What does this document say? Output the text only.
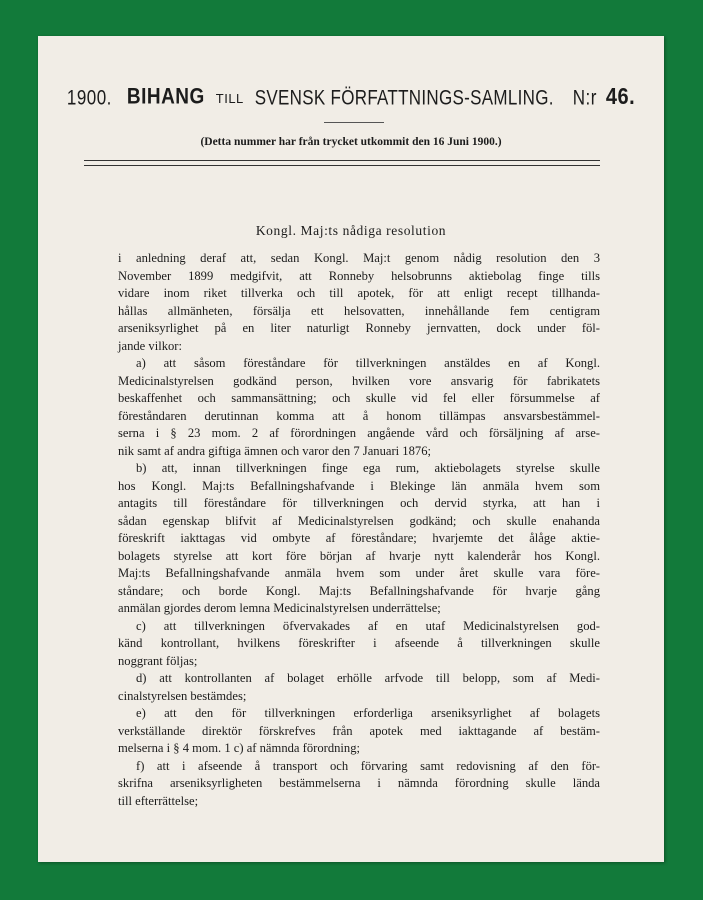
1900. BIHANG TILL SVENSK FÖRFATTNINGS-SAMLING. N:r 46.
(Detta nummer har från trycket utkommit den 16 Juni 1900.)
Kongl. Maj:ts nådiga resolution
i anledning deraf att, sedan Kongl. Maj:t genom nådig resolution den 3
November 1899 medgifvit, att Ronneby helsobrunns aktiebolag finge tills
vidare inom riket tillverka och till apotek, för att enligt recept tillhanda-
hållas allmänheten, försälja ett helsovatten, innehållande fem centigram
arseniksyrlighet på en liter naturligt Ronneby jernvatten, dock under föl-
jande vilkor:
a) att såsom föreståndare för tillverkningen anstäldes en af Kongl.
Medicinalstyrelsen godkänd person, hvilken vore ansvarig för fabrikatets
beskaffenhet och sammansättning; och skulle vid fel eller försummelse af
föreståndaren derutinnan komma att å honom tillämpas ansvarsbestämmel-
serna i § 23 mom. 2 af förordningen angående vård och försäljning af arse-
nik samt af andra giftiga ämnen och varor den 7 Januari 1876;
b) att, innan tillverkningen finge ega rum, aktiebolagets styrelse skulle
hos Kongl. Maj:ts Befallningshafvande i Blekinge län anmäla hvem som
antagits till föreståndare för tillverkningen och dervid styrka, att han i
sådan egenskap blifvit af Medicinalstyrelsen godkänd; och skulle enahanda
föreskrift iakttagas vid ombyte af föreståndare; hvarjemte det ålåge aktie-
bolagets styrelse att kort före början af hvarje nytt kalenderår hos Kongl.
Maj:ts Befallningshafvande anmäla hvem som under året skulle vara före-
ståndare; och borde Kongl. Maj:ts Befallningshafvande för hvarje gång
anmälan gjordes derom lemna Medicinalstyrelsen underrättelse;
c) att tillverkningen öfvervakades af en utaf Medicinalstyrelsen god-
känd kontrollant, hvilkens föreskrifter i afseende å tillverkningen skulle
noggrant följas;
d) att kontrollanten af bolaget erhölle arfvode till belopp, som af Medi-
cinalstyrelsen bestämdes;
e) att den för tillverkningen erforderliga arseniksyrlighet af bolagets
verkställande direktör förskrefves från apotek med iakttagande af bestäm-
melserna i § 4 mom. 1 c) af nämnda förordning;
f) att i afseende å transport och förvaring samt redovisning af den för-
skrifna arseniksyrligheten bestämmelserna i nämnda förordning skulle lända
till efterrättelse;
